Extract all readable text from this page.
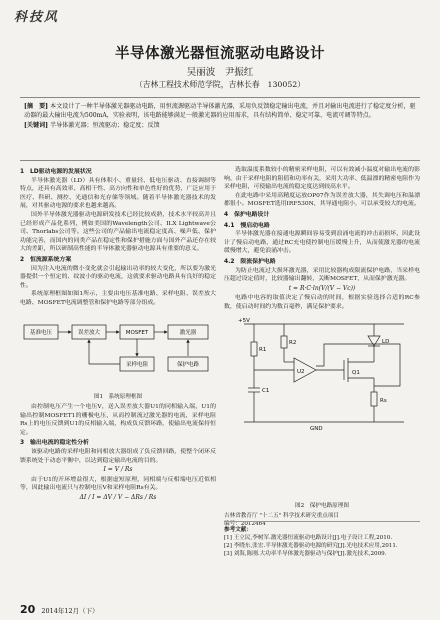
科技风
半导体激光器恒流驱动电路设计
吴丽波　尹振红
（吉林工程技术师范学院，吉林长春　130052）
[摘　要] 本文设计了一种半导体激光器驱动电路，用恒流源驱动半导体激光器，采用负反馈稳定输出电流，并且对输出电流进行了稳定度分析，驱动器的最大输出电流为500mA，实验表明，该电路能够满足一般激光器的应用需求，具有结构简单、稳定可靠、电流可调等特点。
[关键词] 半导体激光器；恒流驱动；稳定度；反馈
1　LD驱动电源的发展状况

半导体激光器（LD）具有体积小、重量轻、低电压驱动、直接调制等特点，还具有高效率、高相干性、高方向性和单色性好的优势，广泛应用于医疗、科研、测控、光通信和光存储等领域。随着半导体激光器技术的发展，对其驱动电源的要求也越来越高。

国外半导体激光器驱动电源研发技术已经比较成熟，技术水平较高并且已经形成产品化系列，例如美国的Wavelength公司、ILX Lightwave公司、Thorlabs公司等。这些公司的产品输出电流稳定度高、噪声低、保护功能完善，而国内的同类产品在稳定性和保护措施方面与国外产品还存在较大的差距，所以研制高性能的半导体激光器驱动电源具有重要的意义。

2　恒流源系统方案

因为注入电流的微小变化就会引起输出功率的较大变化，所以要为激光器提供一个恒定的、纹波小的驱动电流，这就要求驱动电路具有良好的稳定性。

系统原理框图如图1所示，主要由电压基准电路、采样电阻、误差放大电路、MOSFET电流调整管和保护电路等部分组成。

基准电压	误差放大	MOSFET	激光器
采样电阻	保护电路
图1　系统原理框图

由控制电压产生一个电压V，送入误差放大器U1的同相输入端，U1的输出控制MOSFET1的栅极电压，从而控制流过激光器的电流，采样电阻Rs上的电压反馈到U1的反相输入端，构成负反馈环路，使输出电流保持恒定。

3　输出电流的稳定性分析

该驱动电路的采样电阻和同相放大器组成了负反馈回路，使整个闭环反馈系统处于动态平衡中，以达到稳定输出电流的目的。

I = V / Rs

由于U1的开环增益很大，根据虚短原理，同相端与反相端电压近似相等，因此输出电流只与控制电压V和采样电阻Rs有关。

ΔI / I = ΔV / V − ΔRs / Rs

选取温度系数较小的精密采样电阻，可以有效减小温度对输出电流的影响，由于采样电阻的阻值和功率有关，采用大功率、低温漂的精密电阻作为采样电阻，可使输出电流的稳定度达到较高水平。

在此电路中采用高精度运放OP07作为误差放大器，其失调电压和温漂都很小。MOSFET选用IRF530N，其导通电阻小，可以承受较大的电流。

4　保护电路设计
4.1　慢启动电路

半导体激光器在接通电源瞬间容易受到浪涌电流的冲击而损坏，因此设计了慢启动电路，通过RC充电使控制电压缓慢上升，从而使激光器的电流缓慢增大，避免浪涌冲击。

4.2　限流保护电路

为防止电流过大损坏激光器，采用比较器构成限流保护电路，当采样电压超过设定值时，比较器输出翻转，关断MOSFET，从而保护激光器。

t = R·C·ln(V/(V − Vc))

电路中电容的取值决定了慢启动的时间，根据实验选择合适的RC参数，使启动时间约为数百毫秒，满足保护要求。

+5V
R1
R2
C1
U2
LD
Q1
Rs
GND
图2　保护电路原理图
吉林省教育厅 "十二五" 科学技术研究重点项目
编号：2012464
参考文献：
[1] 王立民,李树军.激光器恒流驱动电路设计[J].电子设计工程,2010.
[2] 李晓东,张宏.半导体激光器驱动电源的研究[J].光电技术应用,2011.
[3] 刘海,陈刚.大功率半导体激光器驱动与保护[J].激光技术,2009.
20 2014年12月（下）
